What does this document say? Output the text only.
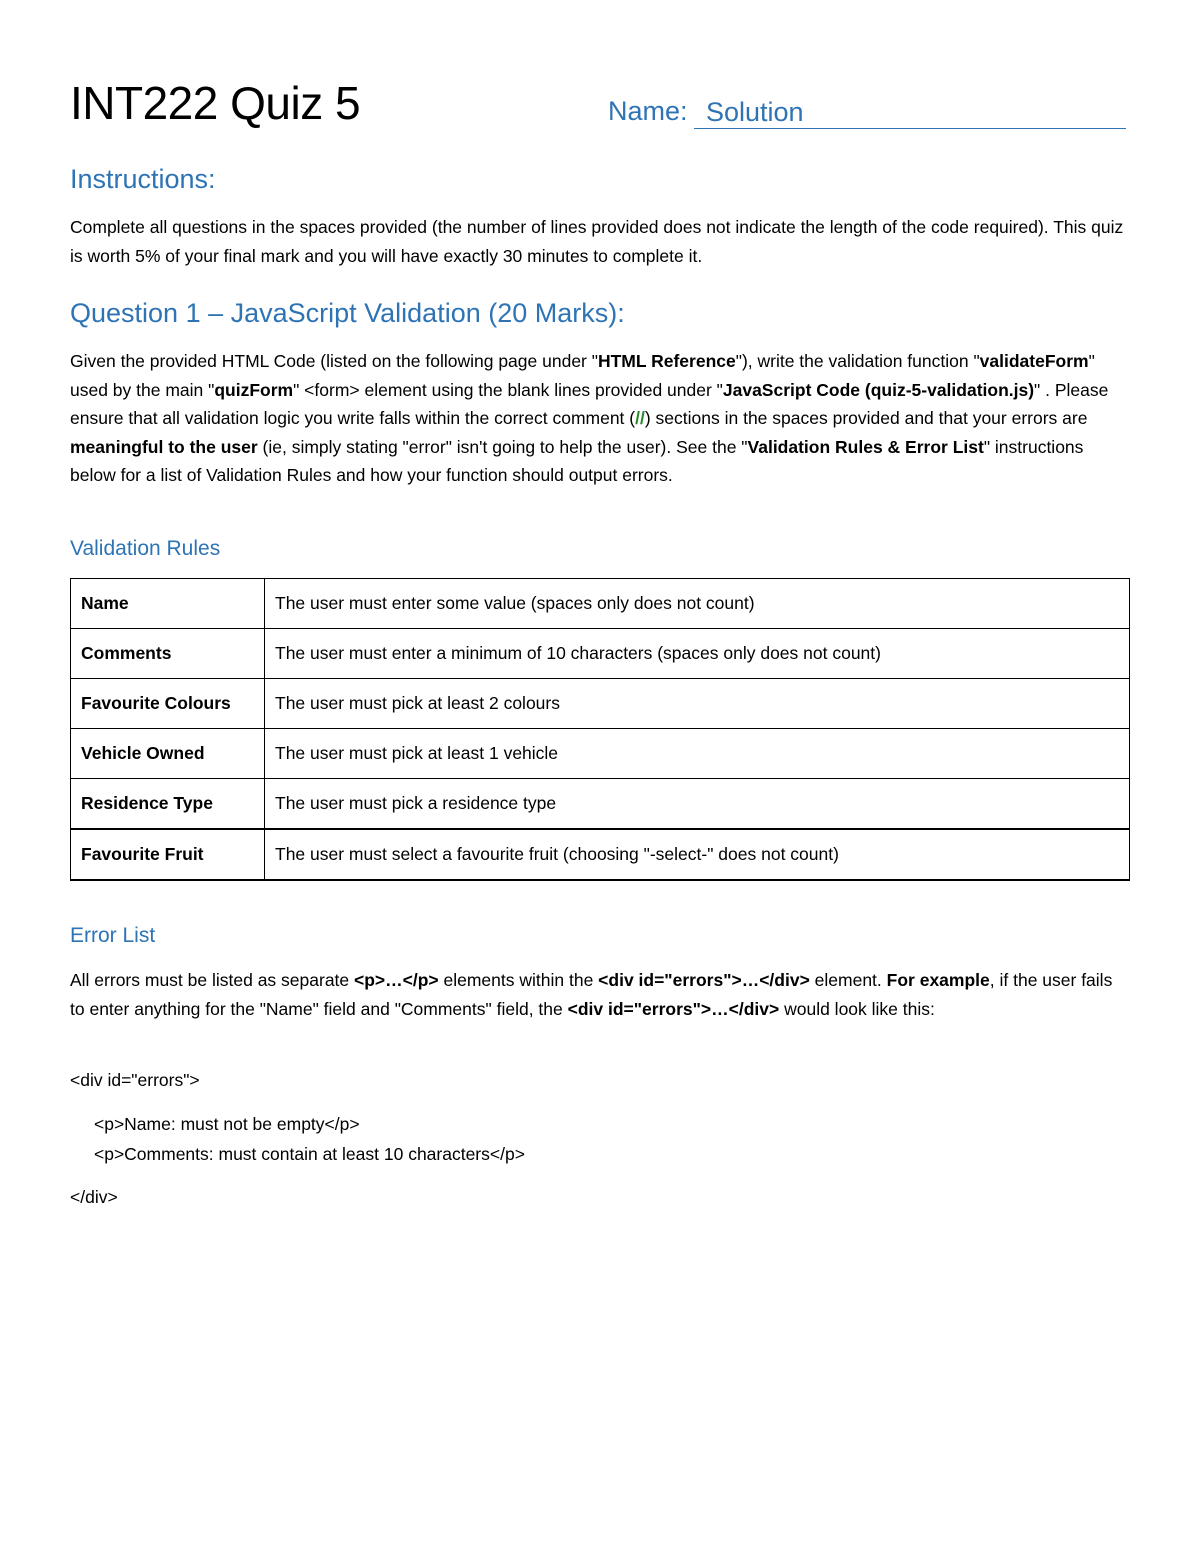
INT222 Quiz 5	Name: Solution
Instructions:

Complete all questions in the spaces provided (the number of lines provided does not indicate the length of the code required). This quiz is worth 5% of your final mark and you will have exactly 30 minutes to complete it.

Question 1 – JavaScript Validation (20 Marks):

Given the provided HTML Code (listed on the following page under "HTML Reference"), write the validation function "validateForm" used by the main "quizForm" <form> element using the blank lines provided under "JavaScript Code (quiz-5-validation.js)" . Please ensure that all validation logic you write falls within the correct comment (//) sections in the spaces provided and that your errors are meaningful to the user (ie, simply stating "error" isn't going to help the user). See the "Validation Rules & Error List" instructions below for a list of Validation Rules and how your function should output errors.

Validation Rules
Name	The user must enter some value (spaces only does not count)
Comments	The user must enter a minimum of 10 characters (spaces only does not count)
Favourite Colours	The user must pick at least 2 colours
Vehicle Owned	The user must pick at least 1 vehicle
Residence Type	The user must pick a residence type
Favourite Fruit	The user must select a favourite fruit (choosing "-select-" does not count)
Error List

All errors must be listed as separate <p>…</p> elements within the <div id="errors">…</div> element. For example, if the user fails to enter anything for the "Name" field and "Comments" field, the <div id="errors">…</div> would look like this:

<div id="errors">

<p>Name: must not be empty</p>

<p>Comments: must contain at least 10 characters</p>

</div>
